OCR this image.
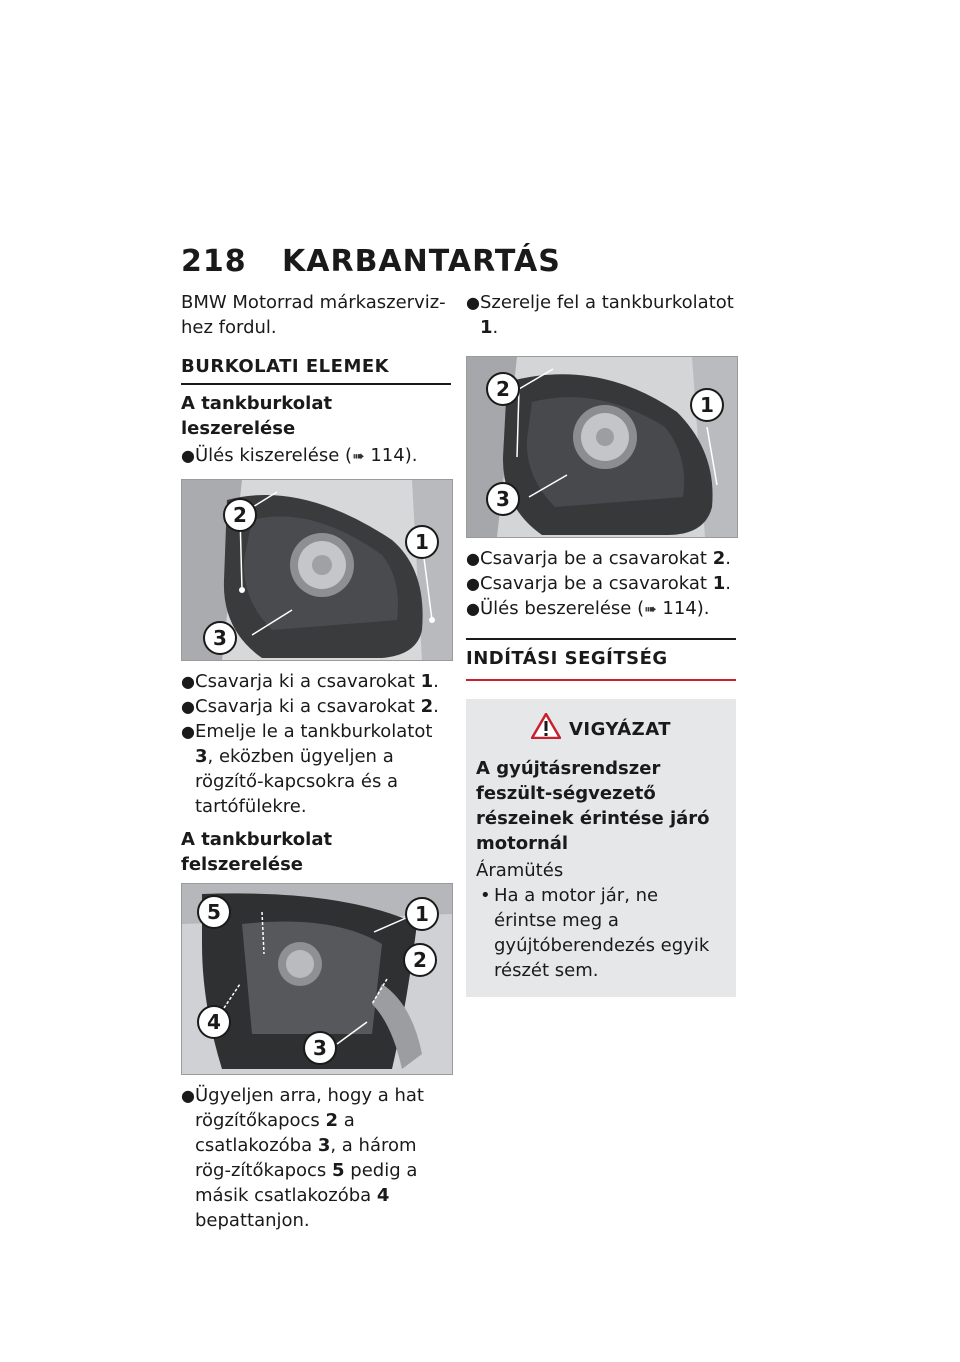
218 KARBANTARTÁS

BMW Motorrad márkaszerviz-hez fordul.

BURKOLATI ELEMEK
A tankburkolat leszerelése
● Ülés kiszerelése (➠ 114).
2
1
3
● Csavarja ki a csavarokat 1.
● Csavarja ki a csavarokat 2.
● Emelje le a tankburkolatot 3, eközben ügyeljen a rögzítő-kapcsokra és a tartófülekre.
A tankburkolat felszerelése
5	1
2
4
3
● Ügyeljen arra, hogy a hat rögzítőkapocs 2 a csatlakozóba 3, a három rög-zítőkapocs 5 pedig a másik csatlakozóba 4 bepattanjon.
● Szerelje fel a tankburkolatot 1.
2
1
3
● Csavarja be a csavarokat 2.
● Csavarja be a csavarokat 1.
● Ülés beszerelése (➠ 114).
INDÍTÁSI SEGÍTSÉG
VIGYÁZAT

A gyújtásrendszer feszült-ségvezető részeinek érintése járó motornál

Áramütés

• Ha a motor jár, ne érintse meg a gyújtóberendezés egyik részét sem.
